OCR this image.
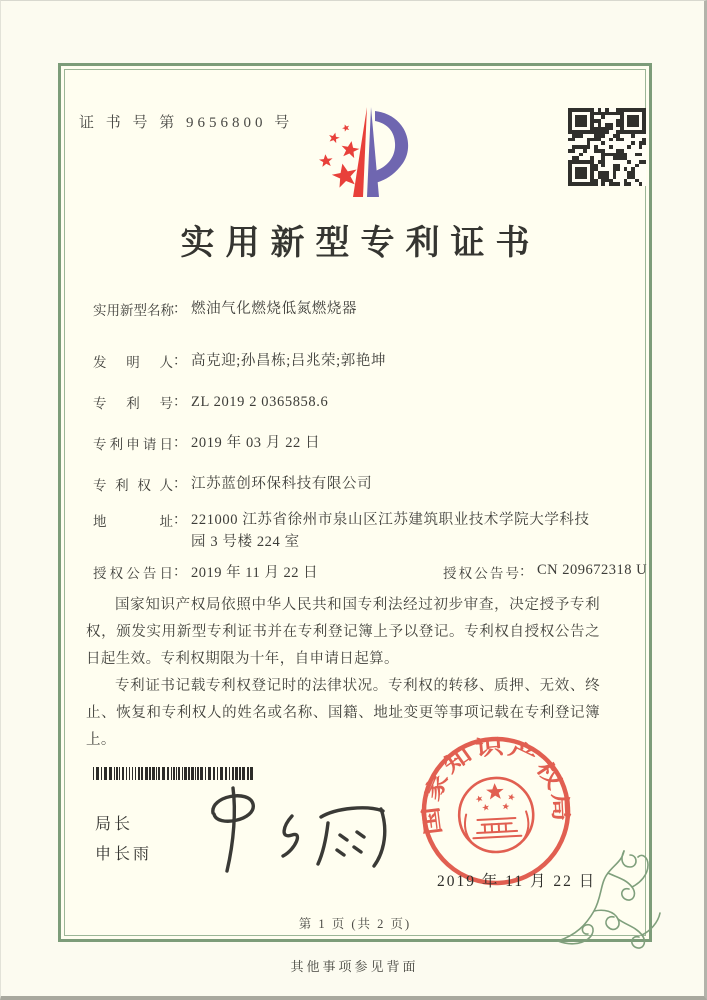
证 书 号 第 9656800 号
实用新型专利证书
实用新型名称： 燃油气化燃烧低氮燃烧器
发明人： 高克迎;孙昌栋;吕兆荣;郭艳坤
专利号： ZL 2019 2 0365858.6
专利申请日： 2019 年 03 月 22 日
专利权人： 江苏蓝创环保科技有限公司
地址： 221000 江苏省徐州市泉山区江苏建筑职业技术学院大学科技园 3 号楼 224 室
授权公告日： 2019 年 11 月 22 日	授权公告号： CN 209672318 U

国家知识产权局依照中华人民共和国专利法经过初步审查，决定授予专利权，颁发实用新型专利证书并在专利登记簿上予以登记。专利权自授权公告之日起生效。专利权期限为十年，自申请日起算。

专利证书记载专利权登记时的法律状况。专利权的转移、质押、无效、终止、恢复和专利权人的姓名或名称、国籍、地址变更等事项记载在专利登记簿上。

局长
申长雨
国家知识产权局
2019 年 11 月 22 日
第 1 页 (共 2 页)
其他事项参见背面
